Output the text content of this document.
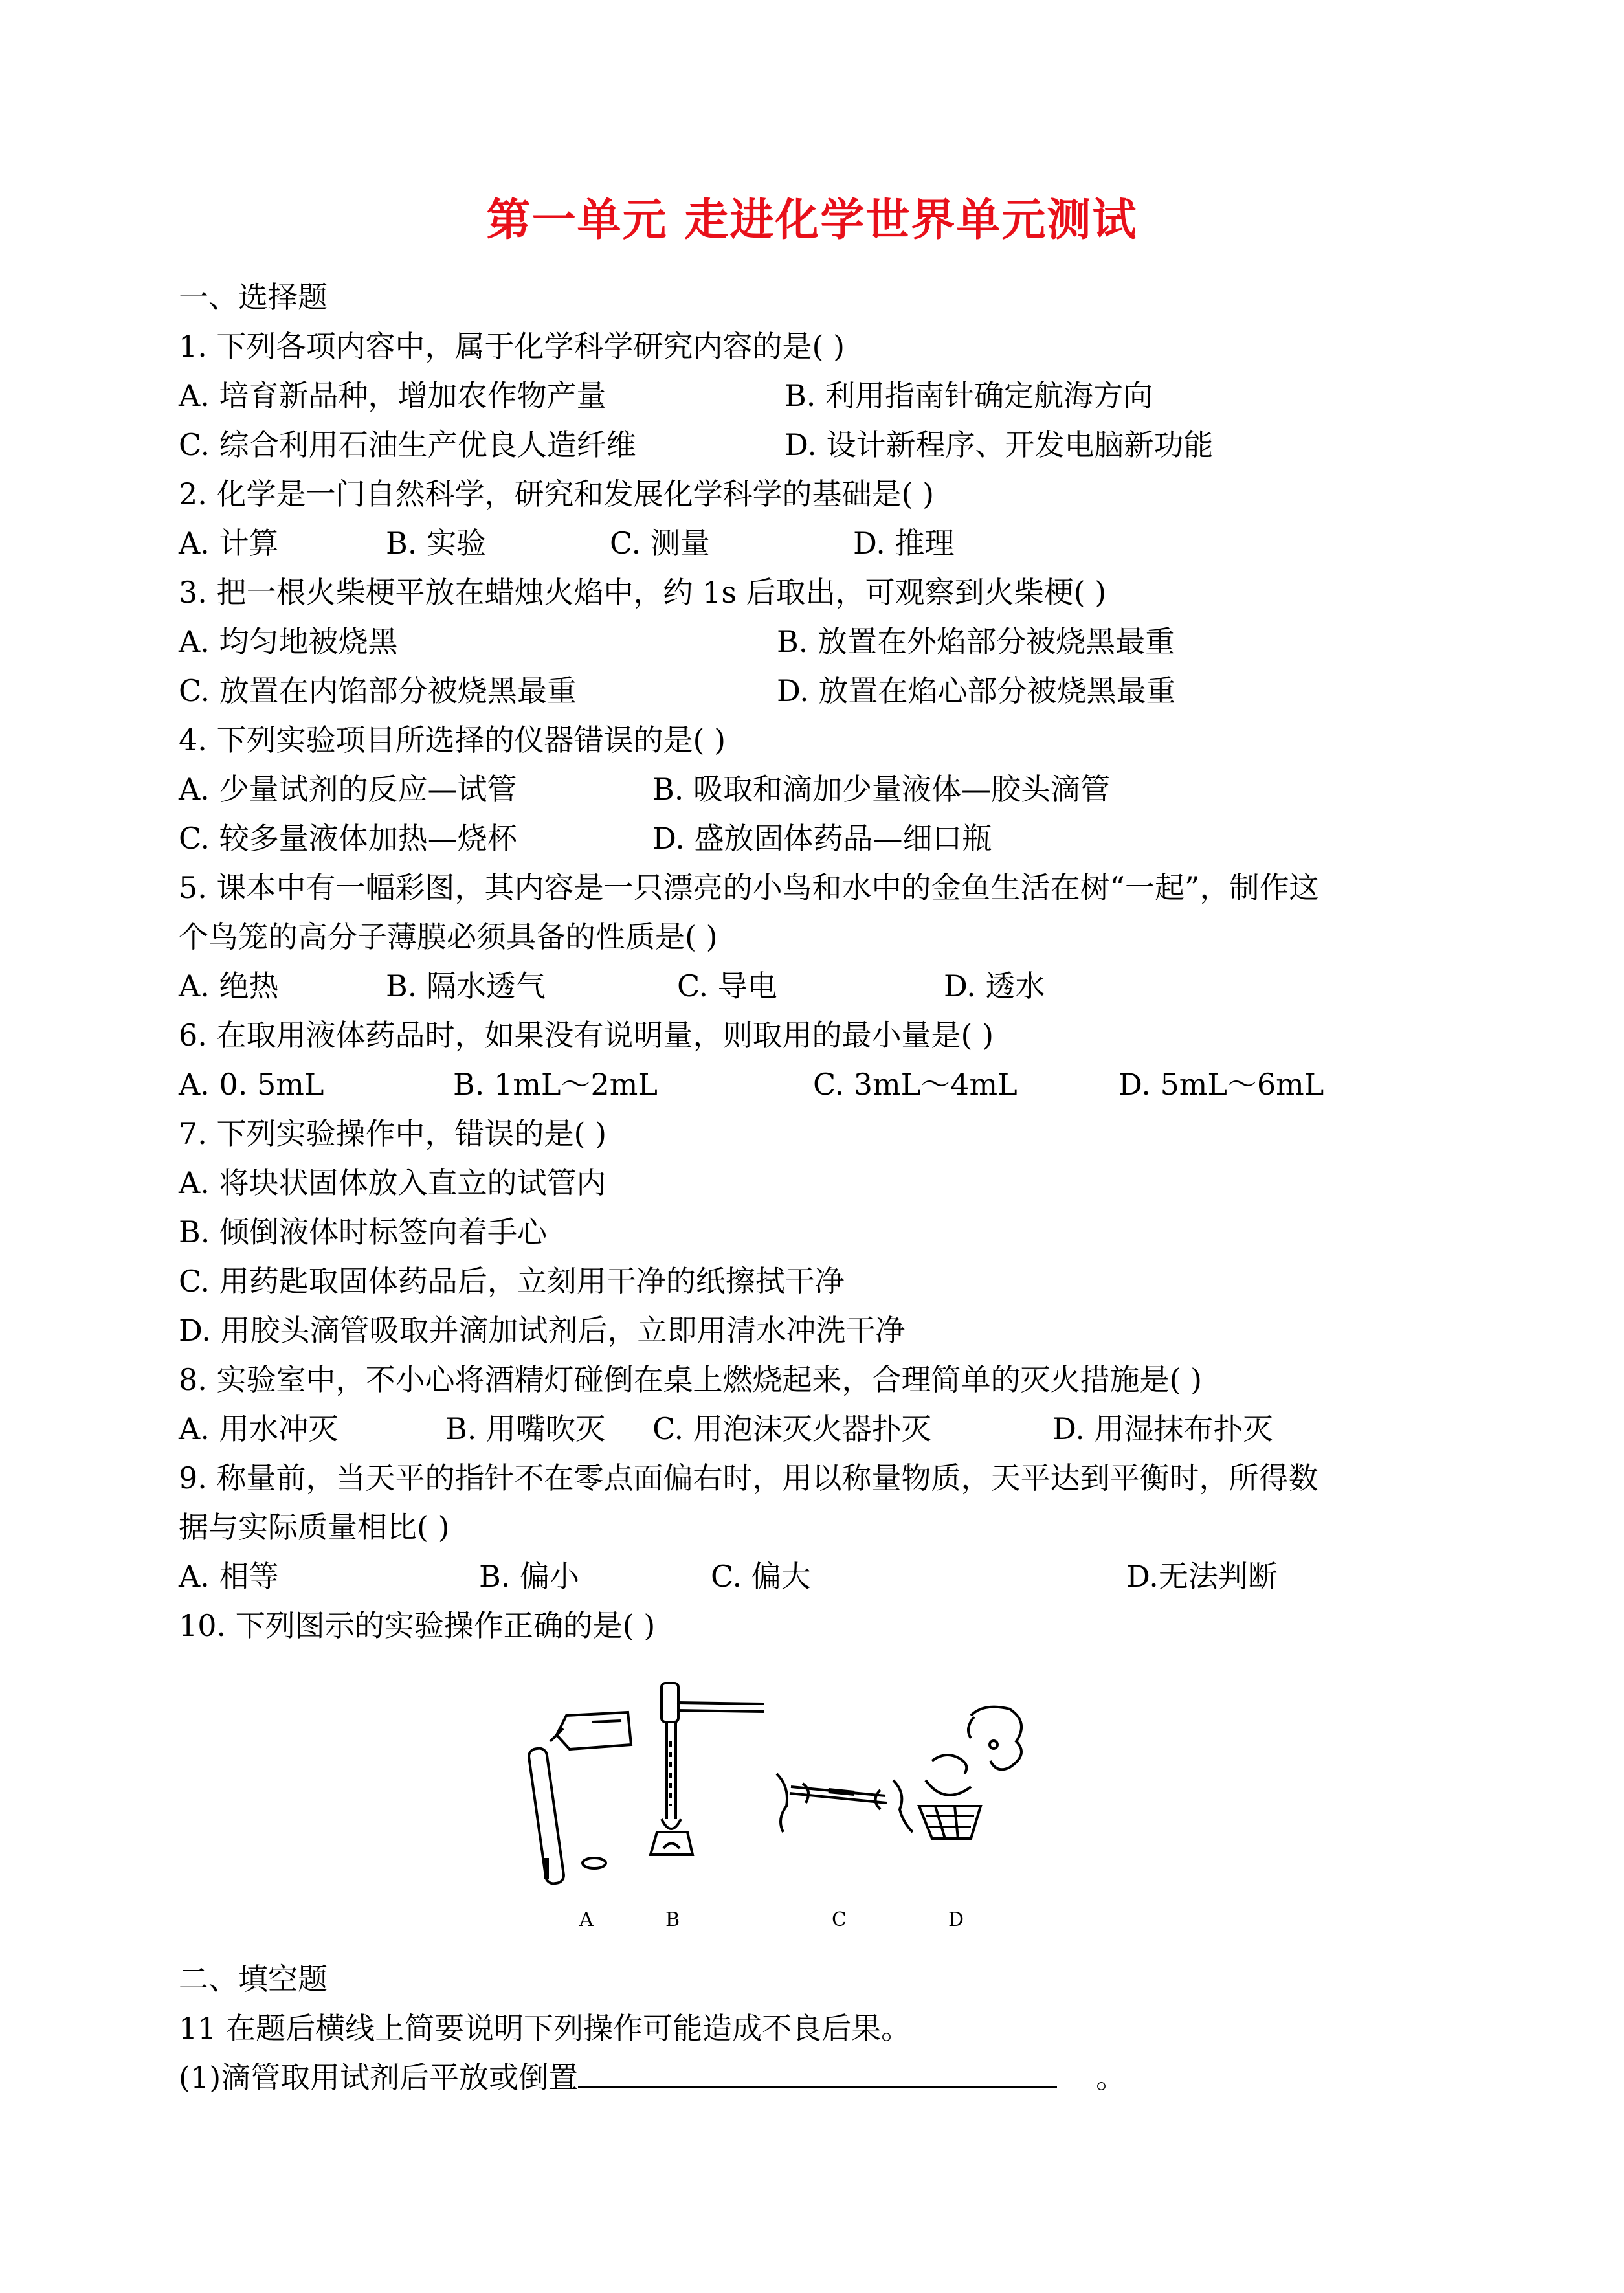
第一单元 走进化学世界单元测试
一、选择题
1. 下列各项内容中，属于化学科学研究内容的是( )
A. 培育新品种，增加农作物产量	B. 利用指南针确定航海方向
C. 综合利用石油生产优良人造纤维	D. 设计新程序、开发电脑新功能
2. 化学是一门自然科学，研究和发展化学科学的基础是( )
A. 计算	B. 实验	C. 测量	D. 推理
3. 把一根火柴梗平放在蜡烛火焰中，约 1s 后取出，可观察到火柴梗( )
A. 均匀地被烧黑	B. 放置在外焰部分被烧黑最重
C. 放置在内馅部分被烧黑最重	D. 放置在焰心部分被烧黑最重
4. 下列实验项目所选择的仪器错误的是( )
A. 少量试剂的反应—试管	B. 吸取和滴加少量液体—胶头滴管
C. 较多量液体加热—烧杯	D. 盛放固体药品—细口瓶
5. 课本中有一幅彩图，其内容是一只漂亮的小鸟和水中的金鱼生活在树“一起”，制作这
个鸟笼的高分子薄膜必须具备的性质是( )
A. 绝热	B. 隔水透气	C. 导电	D. 透水
6. 在取用液体药品时，如果没有说明量，则取用的最小量是( )
A. 0. 5mL	B. 1mL～2mL	C. 3mL～4mL	D. 5mL～6mL
7. 下列实验操作中，错误的是( )
A. 将块状固体放入直立的试管内
B. 倾倒液体时标签向着手心
C. 用药匙取固体药品后，立刻用干净的纸擦拭干净
D. 用胶头滴管吸取并滴加试剂后，立即用清水冲洗干净
8. 实验室中，不小心将酒精灯碰倒在桌上燃烧起来，合理简单的灭火措施是( )
A. 用水冲灭	B. 用嘴吹灭 C. 用泡沫灭火器扑灭	D. 用湿抹布扑灭
9. 称量前，当天平的指针不在零点面偏右时，用以称量物质，天平达到平衡时，所得数
据与实际质量相比( )
A. 相等	B. 偏小	C. 偏大	D.无法判断
10. 下列图示的实验操作正确的是( )
A	B	C	D
二、填空题
11 在题后横线上简要说明下列操作可能造成不良后果。
(1)滴管取用试剂后平放或倒置	。
